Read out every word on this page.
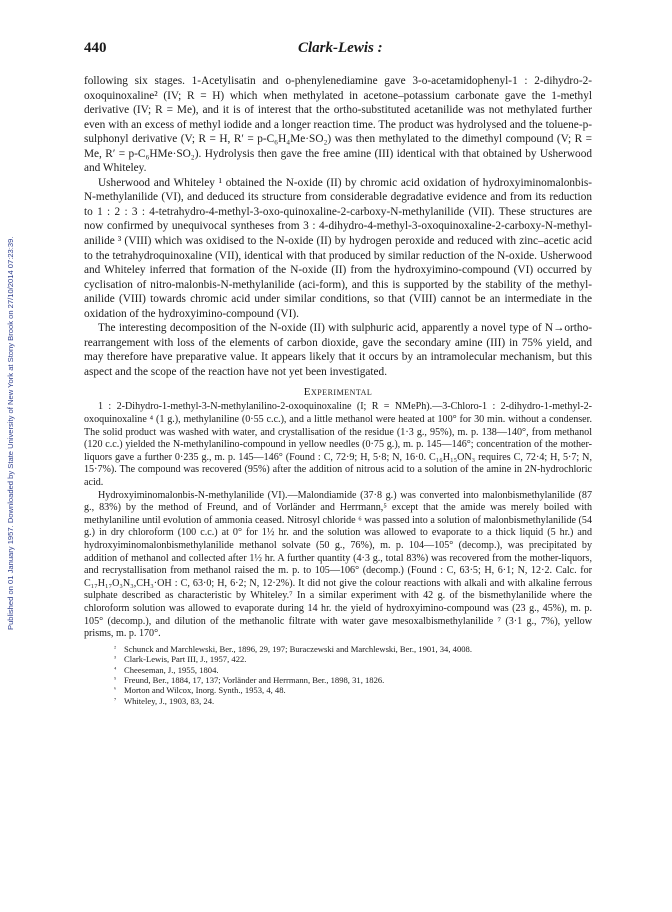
Published on 01 January 1957. Downloaded by State University of New York at Stony Brook on 27/10/2014 07:23:39.
440	Clark-Lewis :

following six stages. 1-Acetylisatin and o-phenylenediamine gave 3-o-acetamidophenyl-1 : 2-dihydro-2-oxoquinoxaline² (IV; R = H) which when methylated in acetone–potassium carbonate gave the 1-methyl derivative (IV; R = Me), and it is of interest that the ortho-substituted acetanilide was not methylated further even with an excess of methyl iodide and a longer reaction time. The product was hydrolysed and the toluene-p-sulphonyl derivative (V; R = H, R′ = p-C₆H₄Me·SO₂) was then methylated to the dimethyl compound (V; R = Me, R′ = p-C₆HMe·SO₂). Hydrolysis then gave the free amine (III) identical with that obtained by Usherwood and Whiteley.

Usherwood and Whiteley ¹ obtained the N-oxide (II) by chromic acid oxidation of hydroxyiminomalonbis-N-methylanilide (VI), and deduced its structure from considerable degradative evidence and from its reduction to 1 : 2 : 3 : 4-tetrahydro-4-methyl-3-oxo-quinoxaline-2-carboxy-N-methylanilide (VII). These structures are now confirmed by unequivocal syntheses from 3 : 4-dihydro-4-methyl-3-oxoquinoxaline-2-carboxy-N-methyl-anilide ³ (VIII) which was oxidised to the N-oxide (II) by hydrogen peroxide and reduced with zinc–acetic acid to the tetrahydroquinoxaline (VII), identical with that produced by similar reduction of the N-oxide. Usherwood and Whiteley inferred that formation of the N-oxide (II) from the hydroxyimino-compound (VI) occurred by cyclisation of nitro-malonbis-N-methylanilide (aci-form), and this is supported by the stability of the methyl-anilide (VIII) towards chromic acid under similar conditions, so that (VIII) cannot be an intermediate in the oxidation of the hydroxyimino-compound (VI).

The interesting decomposition of the N-oxide (II) with sulphuric acid, apparently a novel type of N→ortho-rearrangement with loss of the elements of carbon dioxide, gave the secondary amine (III) in 75% yield, and may therefore have preparative value. It appears likely that it occurs by an intramolecular mechanism, but this aspect and the scope of the reaction have not yet been investigated.

Experimental

1 : 2-Dihydro-1-methyl-3-N-methylanilino-2-oxoquinoxaline (I; R = NMePh).—3-Chloro-1 : 2-dihydro-1-methyl-2-oxoquinoxaline ⁴ (1 g.), methylaniline (0·55 c.c.), and a little methanol were heated at 100° for 30 min. without a condenser. The solid product was washed with water, and crystallisation of the residue (1·3 g., 95%), m. p. 138—140°, from methanol (120 c.c.) yielded the N-methylanilino-compound in yellow needles (0·75 g.), m. p. 145—146°; concentration of the mother-liquors gave a further 0·235 g., m. p. 145—146° (Found : C, 72·9; H, 5·8; N, 16·0. C₁₆H₁₅ON₃ requires C, 72·4; H, 5·7; N, 15·7%). The compound was recovered (95%) after the addition of nitrous acid to a solution of the amine in 2N-hydrochloric acid.

Hydroxyiminomalonbis-N-methylanilide (VI).—Malondiamide (37·8 g.) was converted into malonbismethylanilide (87 g., 83%) by the method of Freund, and of Vorländer and Herrmann,⁵ except that the amide was merely boiled with methylaniline until evolution of ammonia ceased. Nitrosyl chloride ⁶ was passed into a solution of malonbismethylanilide (54 g.) in dry chloroform (100 c.c.) at 0° for 1½ hr. and the solution was allowed to evaporate to a thick liquid (5 hr.) and hydroxyiminomalonbismethylanilide methanol solvate (50 g., 76%), m. p. 104—105° (decomp.), was precipitated by addition of methanol and collected after 1½ hr. A further quantity (4·3 g., total 83%) was recovered from the mother-liquors, and recrystallisation from methanol raised the m. p. to 105—106° (decomp.) (Found : C, 63·5; H, 6·1; N, 12·2. Calc. for C₁₇H₁₇O₃N₃,CH₃·OH : C, 63·0; H, 6·2; N, 12·2%). It did not give the colour reactions with alkali and with alkaline ferrous sulphate described as characteristic by Whiteley.⁷ In a similar experiment with 42 g. of the bismethylanilide where the chloroform solution was allowed to evaporate during 14 hr. the yield of hydroxyimino-compound was (23 g., 45%), m. p. 105° (decomp.), and dilution of the methanolic filtrate with water gave mesoxalbismethylanilide ⁷ (3·1 g., 7%), yellow prisms, m. p. 170°.

² Schunck and Marchlewski, Ber., 1896, 29, 197; Buraczewski and Marchlewski, Ber., 1901, 34, 4008.
³ Clark-Lewis, Part III, J., 1957, 422.
⁴ Cheeseman, J., 1955, 1804.
⁵ Freund, Ber., 1884, 17, 137; Vorländer and Herrmann, Ber., 1898, 31, 1826.
⁶ Morton and Wilcox, Inorg. Synth., 1953, 4, 48.
⁷ Whiteley, J., 1903, 83, 24.
